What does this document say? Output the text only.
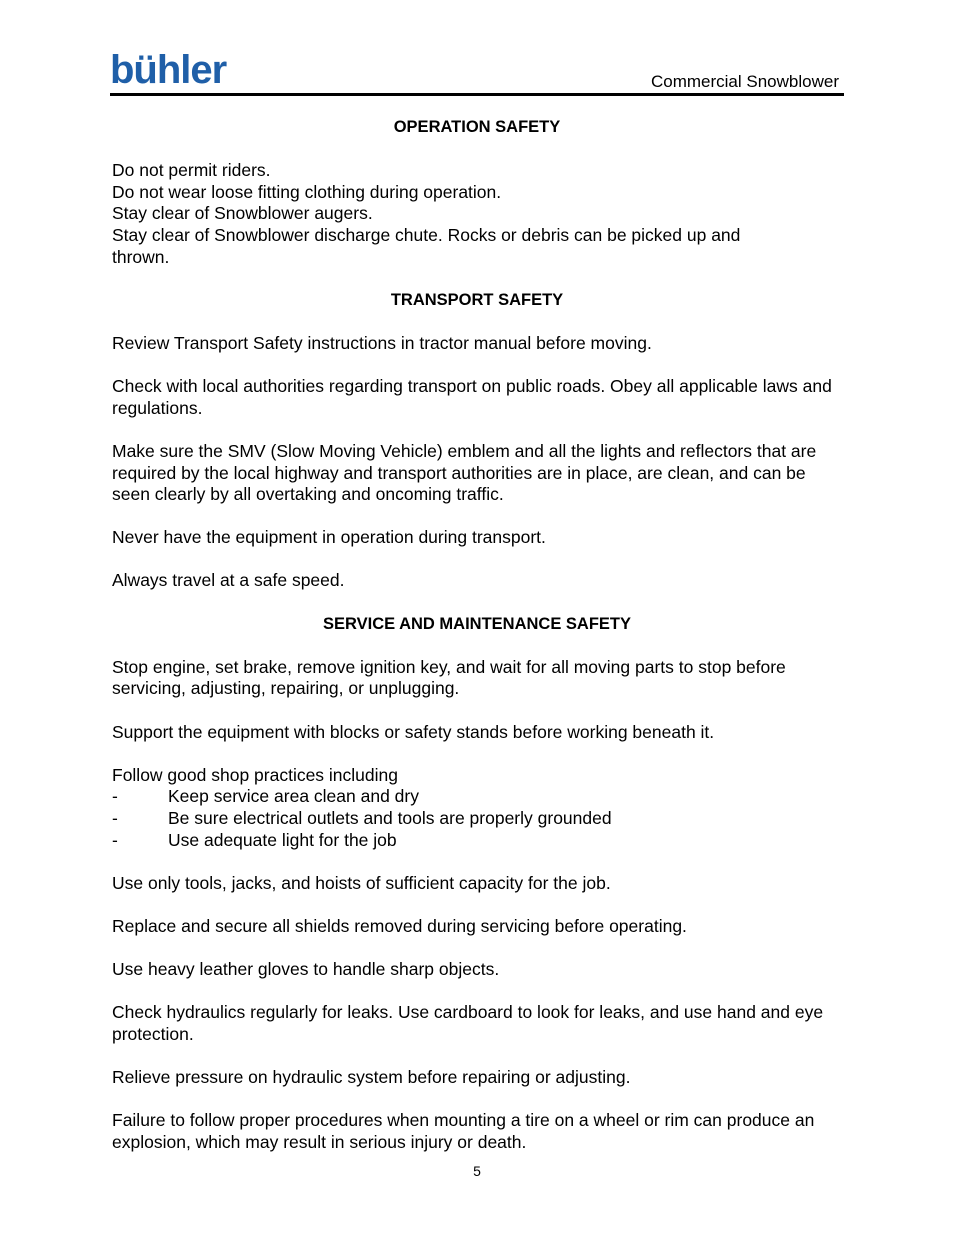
bühler	Commercial Snowblower
OPERATION SAFETY
Do not permit riders.
Do not wear loose fitting clothing during operation.
Stay clear of Snowblower augers.
Stay clear of Snowblower discharge chute. Rocks or debris can be picked up and
thrown.
TRANSPORT SAFETY
Review Transport Safety instructions in tractor manual before moving.
Check with local authorities regarding transport on public roads. Obey all applicable laws and regulations.
Make sure the SMV (Slow Moving Vehicle) emblem and all the lights and reflectors that are required by the local highway and transport authorities are in place, are clean, and can be seen clearly by all overtaking and oncoming traffic.
Never have the equipment in operation during transport.
Always travel at a safe speed.
SERVICE AND MAINTENANCE SAFETY
Stop engine, set brake, remove ignition key, and wait for all moving parts to stop before servicing, adjusting, repairing, or unplugging.
Support the equipment with blocks or safety stands before working beneath it.
Follow good shop practices including
-	Keep service area clean and dry
-	Be sure electrical outlets and tools are properly grounded
-	Use adequate light for the job
Use only tools, jacks, and hoists of sufficient capacity for the job.
Replace and secure all shields removed during servicing before operating.
Use heavy leather gloves to handle sharp objects.
Check hydraulics regularly for leaks. Use cardboard to look for leaks, and use hand and eye protection.
Relieve pressure on hydraulic system before repairing or adjusting.
Failure to follow proper procedures when mounting a tire on a wheel or rim can produce an explosion, which may result in serious injury or death.
5
